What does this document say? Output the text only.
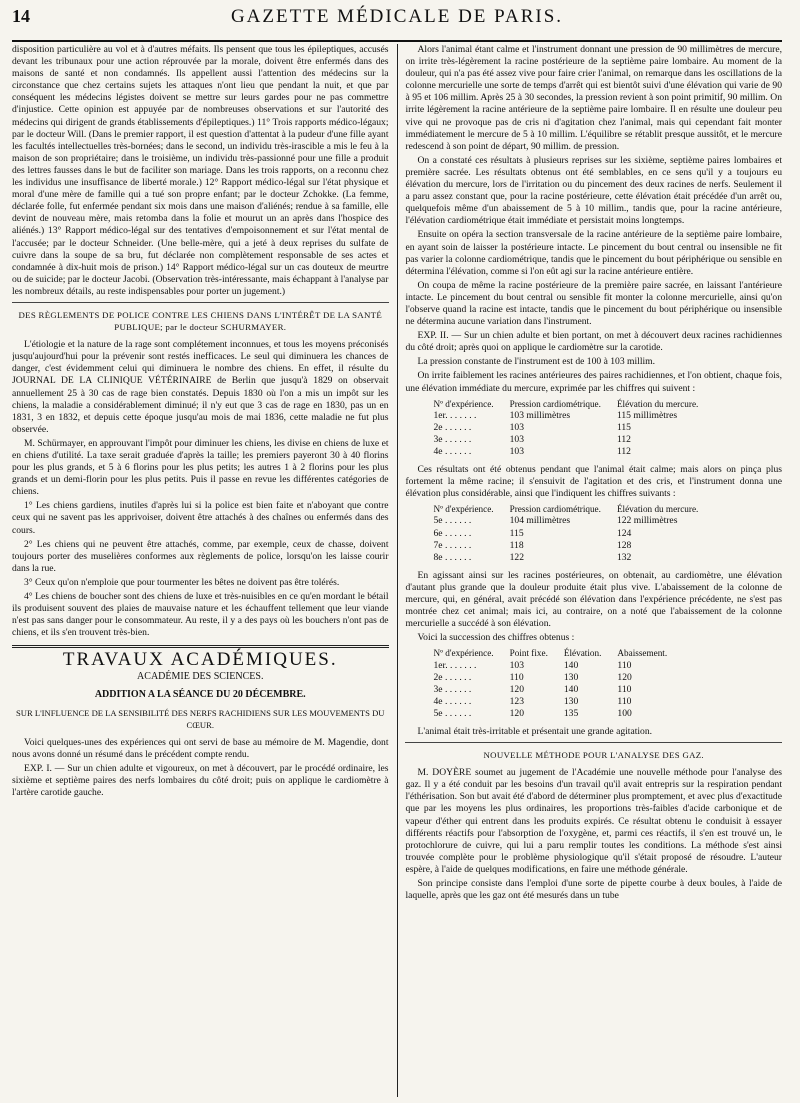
14	GAZETTE MÉDICALE DE PARIS.

disposition particulière au vol et à d'autres méfaits. Ils pensent que tous les épileptiques, accusés devant les tribunaux pour une action réprouvée par la morale, doivent être enfermés dans des maisons de santé et non condamnés. Ils appellent aussi l'attention des médecins sur la circonstance que chez certains sujets les attaques n'ont lieu que pendant la nuit, et que par conséquent les médecins légistes doivent se mettre sur leurs gardes pour ne pas commettre d'injustice. Cette opinion est appuyée par de nombreuses observations et sur l'autorité des médecins qui dirigent de grands établissements d'épileptiques.) 11° Trois rapports médico-légaux; par le docteur Will. (Dans le premier rapport, il est question d'attentat à la pudeur d'une fille ayant les facultés intellectuelles très-bornées; dans le second, un individu très-irascible a mis le feu à la maison de son propriétaire; dans le troisième, un individu très-passionné pour une fille a produit des lettres fausses dans le but de faciliter son mariage. Dans les trois rapports, on a reconnu chez les individus une insuffisance de liberté morale.) 12° Rapport médico-légal sur l'état physique et moral d'une mère de famille qui a tué son propre enfant; par le docteur Zchokke. (La femme, déclarée folle, fut enfermée pendant six mois dans une maison d'aliénés; rendue à sa famille, elle devint de nouveau mère, mais retomba dans la folie et mourut un an après dans l'hospice des aliénés.) 13° Rapport médico-légal sur des tentatives d'empoisonnement et sur l'état mental de l'accusée; par le docteur Schneider. (Une belle-mère, qui a jeté à deux reprises du sulfate de cuivre dans la soupe de sa bru, fut déclarée non complètement responsable de ses actes et condamnée à dix-huit mois de prison.) 14° Rapport médico-légal sur un cas douteux de meurtre ou de suicide; par le docteur Jacobi. (Observation très-intéressante, mais échappant à l'analyse par les nombreux détails, au reste indispensables pour porter un jugement.)

DES RÈGLEMENTS DE POLICE CONTRE LES CHIENS DANS L'INTÉRÊT DE LA SANTÉ PUBLIQUE; par le docteur SCHURMAYER.

L'étiologie et la nature de la rage sont complétement inconnues, et tous les moyens préconisés jusqu'aujourd'hui pour la prévenir sont restés inefficaces. Le seul qui diminuera les chances de danger, c'est évidemment celui qui diminuera le nombre des chiens. En effet, il résulte du JOURNAL DE LA CLINIQUE VÉTÉRINAIRE de Berlin que jusqu'à 1829 on observait annuellement 25 à 30 cas de rage bien constatés. Depuis 1830 où l'on a mis un impôt sur les chiens, la maladie a considérablement diminué; il n'y eut que 3 cas de rage en 1830, pas un en 1831, 3 en 1832, et depuis cette époque jusqu'au mois de mai 1836, cette maladie ne fut plus observée.

M. Schürmayer, en approuvant l'impôt pour diminuer les chiens, les divise en chiens de luxe et en chiens d'utilité. La taxe serait graduée d'après la taille; les premiers payeront 30 à 40 florins pour les plus grands, et 5 à 6 florins pour les plus petits; les autres 1 à 2 florins pour les plus grands et un demi-florin pour les plus petits. Puis il passe en revue les différentes catégories de chiens.

1° Les chiens gardiens, inutiles d'après lui si la police est bien faite et n'aboyant que contre ceux qui ne savent pas les apprivoiser, doivent être attachés à des chaînes ou enfermés dans des cours.

2° Les chiens qui ne peuvent être attachés, comme, par exemple, ceux de chasse, doivent toujours porter des muselières conformes aux règlements de police, lorsqu'on les laisse courir dans la rue.

3° Ceux qu'on n'emploie que pour tourmenter les bêtes ne doivent pas être tolérés.

4° Les chiens de boucher sont des chiens de luxe et très-nuisibles en ce qu'en mordant le bétail ils produisent souvent des plaies de mauvaise nature et les échauffent tellement que leur viande n'est pas sans danger pour le consommateur. Au reste, il y a des pays où les bouchers n'ont pas de chiens, et ils s'en trouvent très-bien.

TRAVAUX ACADÉMIQUES.
ACADÉMIE DES SCIENCES.
ADDITION A LA SÉANCE DU 20 DÉCEMBRE.
SUR L'INFLUENCE DE LA SENSIBILITÉ DES NERFS RACHIDIENS SUR LES MOUVEMENTS DU CŒUR.

Voici quelques-unes des expériences qui ont servi de base au mémoire de M. Magendie, dont nous avons donné un résumé dans le précédent compte rendu.

EXP. I. — Sur un chien adulte et vigoureux, on met à découvert, par le procédé ordinaire, les sixième et septième paires des nerfs lombaires du côté droit; puis on applique le cardiomètre à l'artère carotide gauche.

Alors l'animal étant calme et l'instrument donnant une pression de 90 millimètres de mercure, on irrite très-légèrement la racine postérieure de la septième paire lombaire. Au moment de la douleur, qui n'a pas été assez vive pour faire crier l'animal, on remarque dans les oscillations de la colonne mercurielle une sorte de temps d'arrêt qui est bientôt suivi d'une élévation qui varie de 90 à 95 et 106 millim. Après 25 à 30 secondes, la pression revient à son point primitif, 90 millim. On irrite légèrement la racine antérieure de la septième paire lombaire. Il en résulte une douleur peu vive qui ne provoque pas de cris ni d'agitation chez l'animal, mais qui cependant fait monter immédiatement le mercure de 5 à 10 millim. L'équilibre se rétablit presque aussitôt, et le mercure redescend à son point de départ, 90 millim. de pression.

On a constaté ces résultats à plusieurs reprises sur les sixième, septième paires lombaires et première sacrée. Les résultats obtenus ont été semblables, en ce sens qu'il y a toujours eu élévation du mercure, lors de l'irritation ou du pincement des deux racines de nerfs. Seulement il a paru assez constant que, pour la racine postérieure, cette élévation était précédée d'un arrêt ou, quelquefois même d'un abaissement de 5 à 10 millim., tandis que, pour la racine antérieure, l'élévation cardiométrique était immédiate et persistait moins longtemps.

Ensuite on opéra la section transversale de la racine antérieure de la septième paire lombaire, en ayant soin de laisser la postérieure intacte. Le pincement du bout central ou insensible ne fit pas varier la colonne cardiométrique, tandis que le pincement du bout périphérique ou sensible en détermina l'élévation, comme si l'on eût agi sur la racine antérieure entière.

On coupa de même la racine postérieure de la première paire sacrée, en laissant l'antérieure intacte. Le pincement du bout central ou sensible fit monter la colonne mercurielle, ainsi qu'on l'observe quand la racine est intacte, tandis que le pincement du bout périphérique ou insensible ne détermina aucune variation dans l'instrument.

EXP. II. — Sur un chien adulte et bien portant, on met à découvert deux racines rachidiennes du côté droit; après quoi on applique le cardiomètre sur la carotide.

La pression constante de l'instrument est de 100 à 103 millim.

On irrite faiblement les racines antérieures des paires rachidiennes, et l'on obtient, chaque fois, une élévation immédiate du mercure, exprimée par les chiffres qui suivent :

Nº d'expérience.	Pression cardiométrique.	Élévation du mercure.
1er. . . . . . .	103 millimètres	115 millimètres
2e . . . . . .	103	115
3e . . . . . .	103	112
4e . . . . . .	103	112

Ces résultats ont été obtenus pendant que l'animal était calme; mais alors on pinça plus fortement la même racine; il s'ensuivit de l'agitation et des cris, et l'instrument donna une élévation plus considérable, ainsi que l'indiquent les chiffres suivants :

Nº d'expérience.	Pression cardiométrique.	Élévation du mercure.
5e . . . . . .	104 millimètres	122 millimètres
6e . . . . . .	115	124
7e . . . . . .	118	128
8e . . . . . .	122	132

En agissant ainsi sur les racines postérieures, on obtenait, au cardiomètre, une élévation d'autant plus grande que la douleur produite était plus vive. L'abaissement de la colonne de mercure, qui, en général, avait précédé son élévation dans l'expérience précédente, ne s'est pas montrée chez cet animal; mais ici, au contraire, on a noté que l'abaissement de la colonne mercurielle a succédé à son élévation.

Voici la succession des chiffres obtenus :

Nº d'expérience.	Point fixe.	Élévation.	Abaissement.
1er. . . . . . .	103	140	110
2e . . . . . .	110	130	120
3e . . . . . .	120	140	110
4e . . . . . .	123	130	110
5e . . . . . .	120	135	100

L'animal était très-irritable et présentait une grande agitation.

NOUVELLE MÉTHODE POUR L'ANALYSE DES GAZ.

M. DOYÈRE soumet au jugement de l'Académie une nouvelle méthode pour l'analyse des gaz. Il y a été conduit par les besoins d'un travail qu'il avait entrepris sur la respiration pendant l'éthérisation. Son but avait été d'abord de déterminer plus promptement, et avec plus d'exactitude que par les moyens les plus ordinaires, les proportions très-faibles d'acide carbonique et de vapeur d'éther qui entrent dans les produits expirés. Ce résultat obtenu le conduisit à essayer différents réactifs pour l'absorption de l'oxygène, et, parmi ces réactifs, il s'en est trouvé un, le protochlorure de cuivre, qui lui a paru remplir toutes les conditions. La méthode s'est ainsi trouvée complète pour le problème physiologique qu'il s'était proposé de résoudre. L'auteur espère, à l'aide de quelques modifications, en faire une méthode générale.

Son principe consiste dans l'emploi d'une sorte de pipette courbe à deux boules, à l'aide de laquelle, après que les gaz ont été mesurés dans un tube
